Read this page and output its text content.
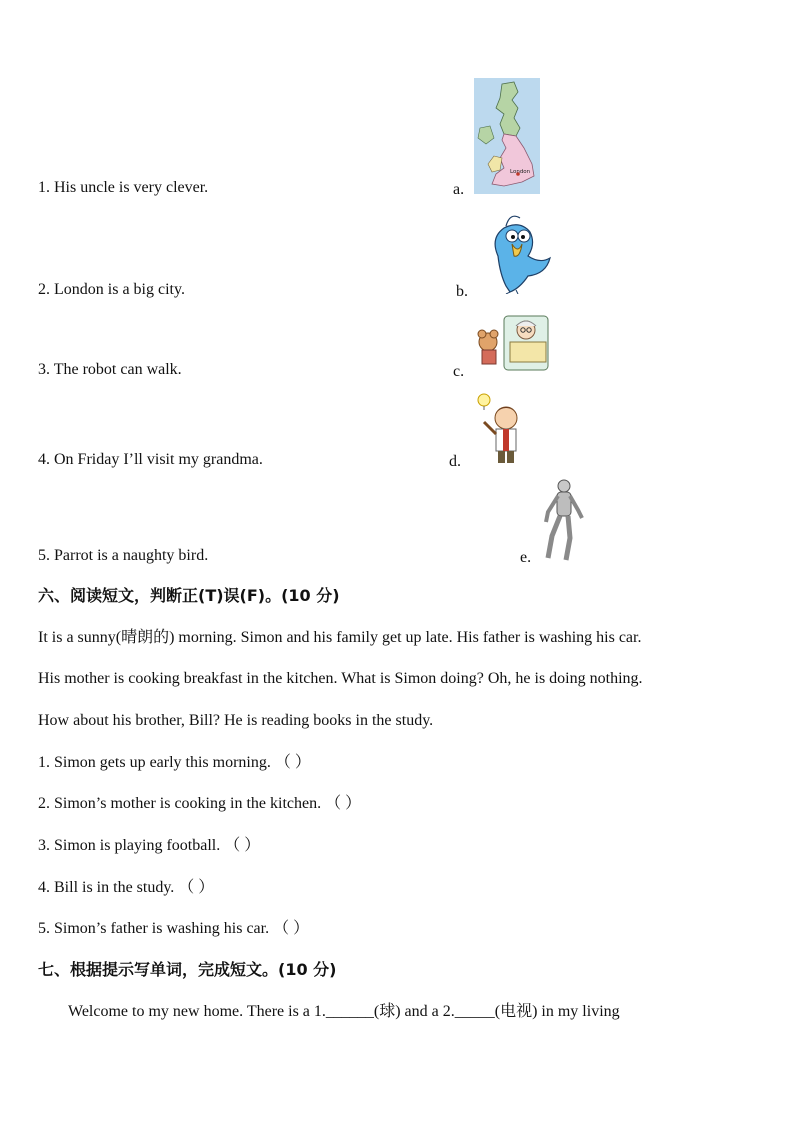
1. His uncle is very clever.
2. London is a big city.
3. The robot can walk.
4. On Friday I’ll visit my grandma.
5. Parrot is a naughty bird.
a.
b.
c.
d.
e.
London
六、阅读短文，判断正(T)误(F)。(10 分)
It is a sunny(晴朗的) morning. Simon and his family get up late. His father is washing his car.
His mother is cooking breakfast in the kitchen. What is Simon doing? Oh, he is doing nothing.
How about his brother, Bill? He is reading books in the study.
1. Simon gets up early this morning. （ ）
2. Simon’s mother is cooking in the kitchen. （ ）
3. Simon is playing football. （ ）
4. Bill is in the study. （ ）
5. Simon’s father is washing his car. （ ）
七、根据提示写单词，完成短文。(10 分)
Welcome to my new home. There is a 1.______(球) and a 2._____(电视) in my living
